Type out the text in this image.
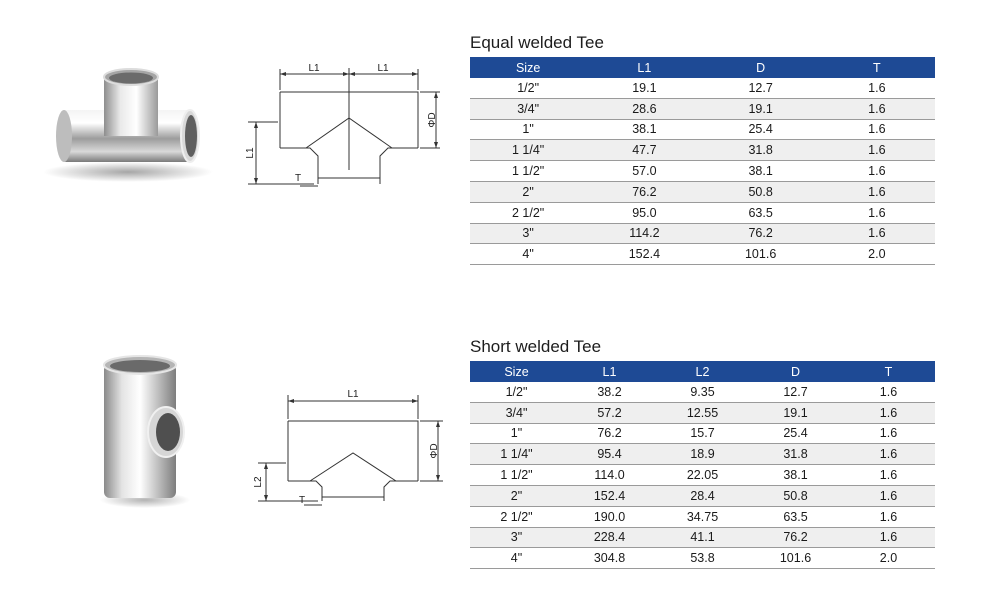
L1	L1
L1
ΦD
T
Equal welded Tee
Size	L1	D	T
1/2"	19.1	12.7	1.6
3/4"	28.6	19.1	1.6
1"	38.1	25.4	1.6
1 1/4"	47.7	31.8	1.6
1 1/2"	57.0	38.1	1.6
2"	76.2	50.8	1.6
2 1/2"	95.0	63.5	1.6
3"	114.2	76.2	1.6
4"	152.4	101.6	2.0
L1
L2
ΦD
T
Short welded Tee
Size	L1	L2	D	T
1/2"	38.2	9.35	12.7	1.6
3/4"	57.2	12.55	19.1	1.6
1"	76.2	15.7	25.4	1.6
1 1/4"	95.4	18.9	31.8	1.6
1 1/2"	114.0	22.05	38.1	1.6
2"	152.4	28.4	50.8	1.6
2 1/2"	190.0	34.75	63.5	1.6
3"	228.4	41.1	76.2	1.6
4"	304.8	53.8	101.6	2.0
